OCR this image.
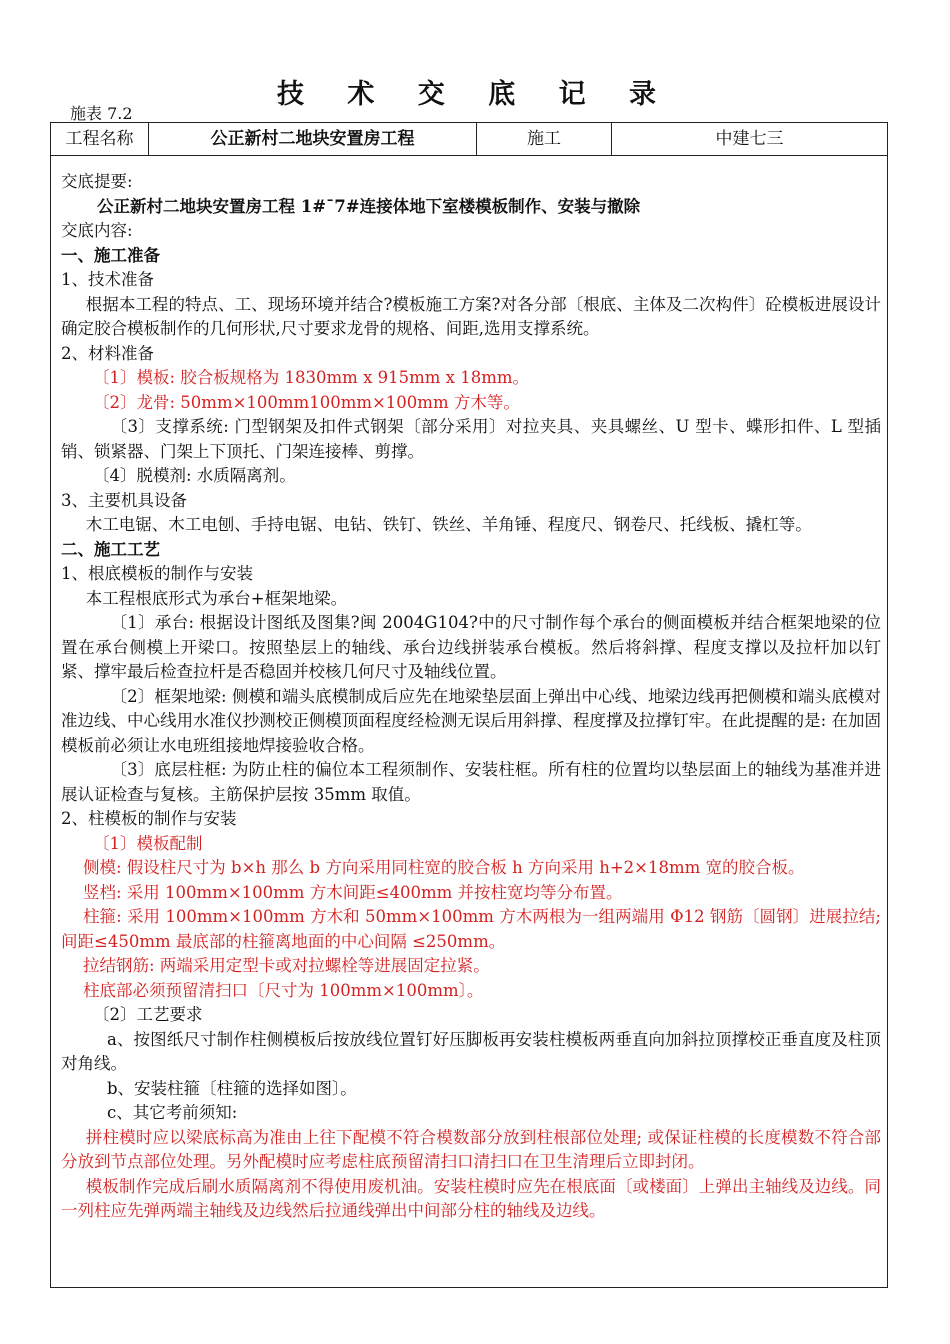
技 术 交 底 记 录
施表 7.2
工程名称	公正新村二地块安置房工程	施工	中建七三

交底提要:

公正新村二地块安置房工程 1#¯7#连接体地下室楼模板制作、安装与撤除

交底内容:

一、施工准备

1、技术准备

根据本工程的特点、工、现场环境并结合?模板施工方案?对各分部〔根底、主体及二次构件〕砼模板进展设计确定胶合模板制作的几何形状,尺寸要求龙骨的规格、间距,选用支撑系统。

2、材料准备

〔1〕模板: 胶合板规格为 1830mm x 915mm x 18mm。

〔2〕龙骨: 50mm×100mm100mm×100mm 方木等。

〔3〕支撑系统: 门型钢架及扣件式钢架〔部分采用〕对拉夹具、夹具螺丝、U 型卡、蝶形扣件、L 型插销、锁紧器、门架上下顶托、门架连接棒、剪撑。

〔4〕脱模剂: 水质隔离剂。

3、主要机具设备

木工电锯、木工电刨、手持电锯、电钻、铁钉、铁丝、羊角锤、程度尺、钢卷尺、托线板、撬杠等。

二、施工工艺

1、根底模板的制作与安装

本工程根底形式为承台+框架地梁。

〔1〕承台: 根据设计图纸及图集?闽 2004G104?中的尺寸制作每个承台的侧面模板并结合框架地梁的位置在承台侧模上开梁口。按照垫层上的轴线、承台边线拼装承台模板。然后将斜撑、程度支撑以及拉杆加以钉紧、撑牢最后检查拉杆是否稳固并校核几何尺寸及轴线位置。

〔2〕框架地梁: 侧模和端头底模制成后应先在地梁垫层面上弹出中心线、地梁边线再把侧模和端头底模对准边线、中心线用水准仪抄测校正侧模顶面程度经检测无误后用斜撑、程度撑及拉撑钉牢。在此提醒的是: 在加固模板前必须让水电班组接地焊接验收合格。

〔3〕底层柱框: 为防止柱的偏位本工程须制作、安装柱框。所有柱的位置均以垫层面上的轴线为基准并进展认证检查与复核。主筋保护层按 35mm 取值。

2、柱模板的制作与安装

〔1〕模板配制

侧模: 假设柱尺寸为 b×h 那么 b 方向采用同柱宽的胶合板 h 方向采用 h+2×18mm 宽的胶合板。

竖档: 采用 100mm×100mm 方木间距≤400mm 并按柱宽均等分布置。

柱箍: 采用 100mm×100mm 方木和 50mm×100mm 方木两根为一组两端用 Φ12 钢筋〔圆钢〕进展拉结; 间距≤450mm 最底部的柱箍离地面的中心间隔 ≤250mm。

拉结钢筋: 两端采用定型卡或对拉螺栓等进展固定拉紧。

柱底部必须预留清扫口〔尺寸为 100mm×100mm〕。

〔2〕工艺要求

a、按图纸尺寸制作柱侧模板后按放线位置钉好压脚板再安装柱模板两垂直向加斜拉顶撑校正垂直度及柱顶对角线。

b、安装柱箍〔柱箍的选择如图〕。

c、其它考前须知:

拼柱模时应以梁底标高为准由上往下配模不符合模数部分放到柱根部位处理; 或保证柱模的长度模数不符合部分放到节点部位处理。另外配模时应考虑柱底预留清扫口清扫口在卫生清理后立即封闭。

模板制作完成后刷水质隔离剂不得使用废机油。安装柱模时应先在根底面〔或楼面〕上弹出主轴线及边线。同一列柱应先弹两端主轴线及边线然后拉通线弹出中间部分柱的轴线及边线。
